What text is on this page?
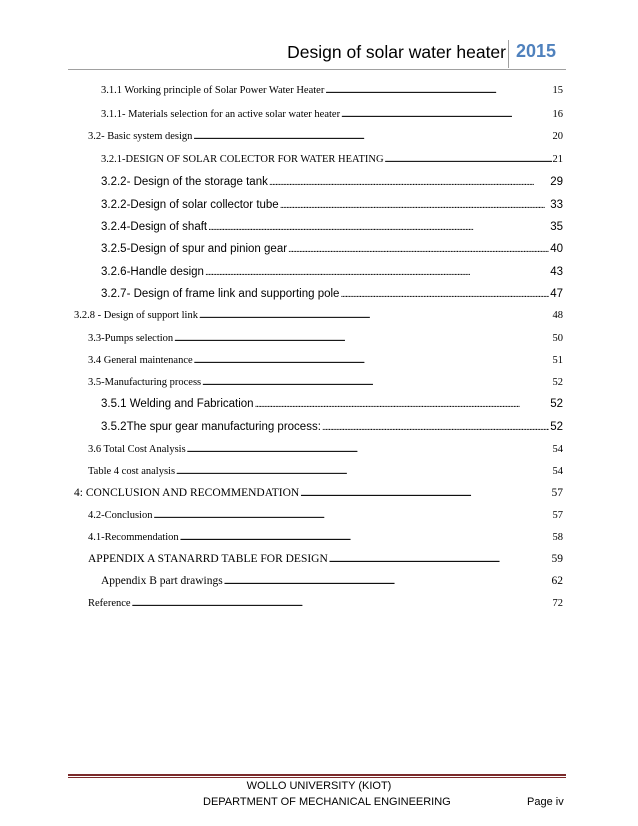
Design of solar water heater 2015
3.1.1 Working principle of Solar Power Water Heater . . .	15
3.1.1- Materials selection for an active solar water heater . . .	16
3.2- Basic system design . . .	20
3.2.1-DESIGN OF SOLAR COLECTOR FOR WATER HEATING . . .	21
3.2.2- Design of the storage tank . . .	29
3.2.2-Design of solar collector tube . . .	33
3.2.4-Design of shaft . . .	35
3.2.5-Design of spur and pinion gear . . .	40
3.2.6-Handle design . . .	43
3.2.7- Design of frame link and supporting pole . . .	47
3.2.8 - Design of support link . . .	48
3.3-Pumps selection . . .	50
3.4 General maintenance . . .	51
3.5-Manufacturing process . . .	52
3.5.1 Welding and Fabrication . . .	52
3.5.2The spur gear manufacturing process: . . .	52
3.6 Total Cost Analysis . . .	54
Table 4 cost analysis . . .	54
4: CONCLUSION AND RECOMMENDATION . . .	57
4.2-Conclusion . . .	57
4.1-Recommendation . . .	58
APPENDIX A STANARRD TABLE FOR DESIGN . . .	59
Appendix B part drawings . . .	62
Reference . . .	72
WOLLO UNIVERSITY (KIOT)
DEPARTMENT OF MECHANICAL ENGINEERING	Page iv
